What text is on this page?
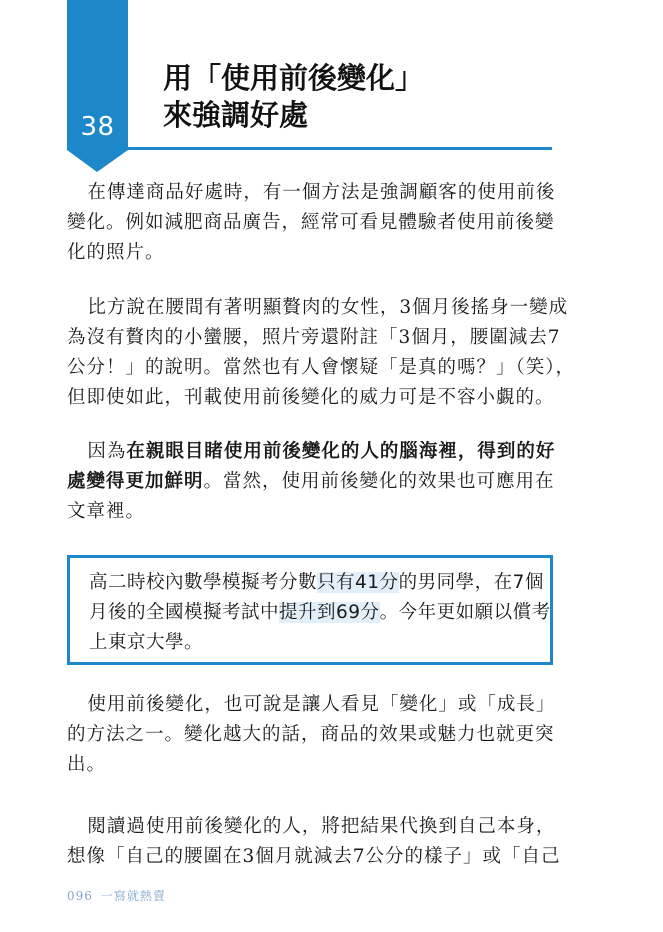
38
用「使用前後變化」
來強調好處

在傳達商品好處時，有一個方法是強調顧客的使用前後
變化。例如減肥商品廣告，經常可看見體驗者使用前後變
化的照片。

比方說在腰間有著明顯贅肉的女性，3個月後搖身一變成
為沒有贅肉的小蠻腰，照片旁還附註「3個月，腰圍減去7
公分！」的說明。當然也有人會懷疑「是真的嗎？」（笑），
但即使如此，刊載使用前後變化的威力可是不容小覷的。

因為在親眼目睹使用前後變化的人的腦海裡，得到的好
處變得更加鮮明。當然，使用前後變化的效果也可應用在
文章裡。

高二時校內數學模擬考分數只有41分的男同學，在7個
月後的全國模擬考試中提升到69分。今年更如願以償考
上東京大學。

使用前後變化，也可說是讓人看見「變化」或「成長」
的方法之一。變化越大的話，商品的效果或魅力也就更突
出。

閱讀過使用前後變化的人，將把結果代換到自己本身，
想像「自己的腰圍在3個月就減去7公分的樣子」或「自己

096 一寫就熱賣
